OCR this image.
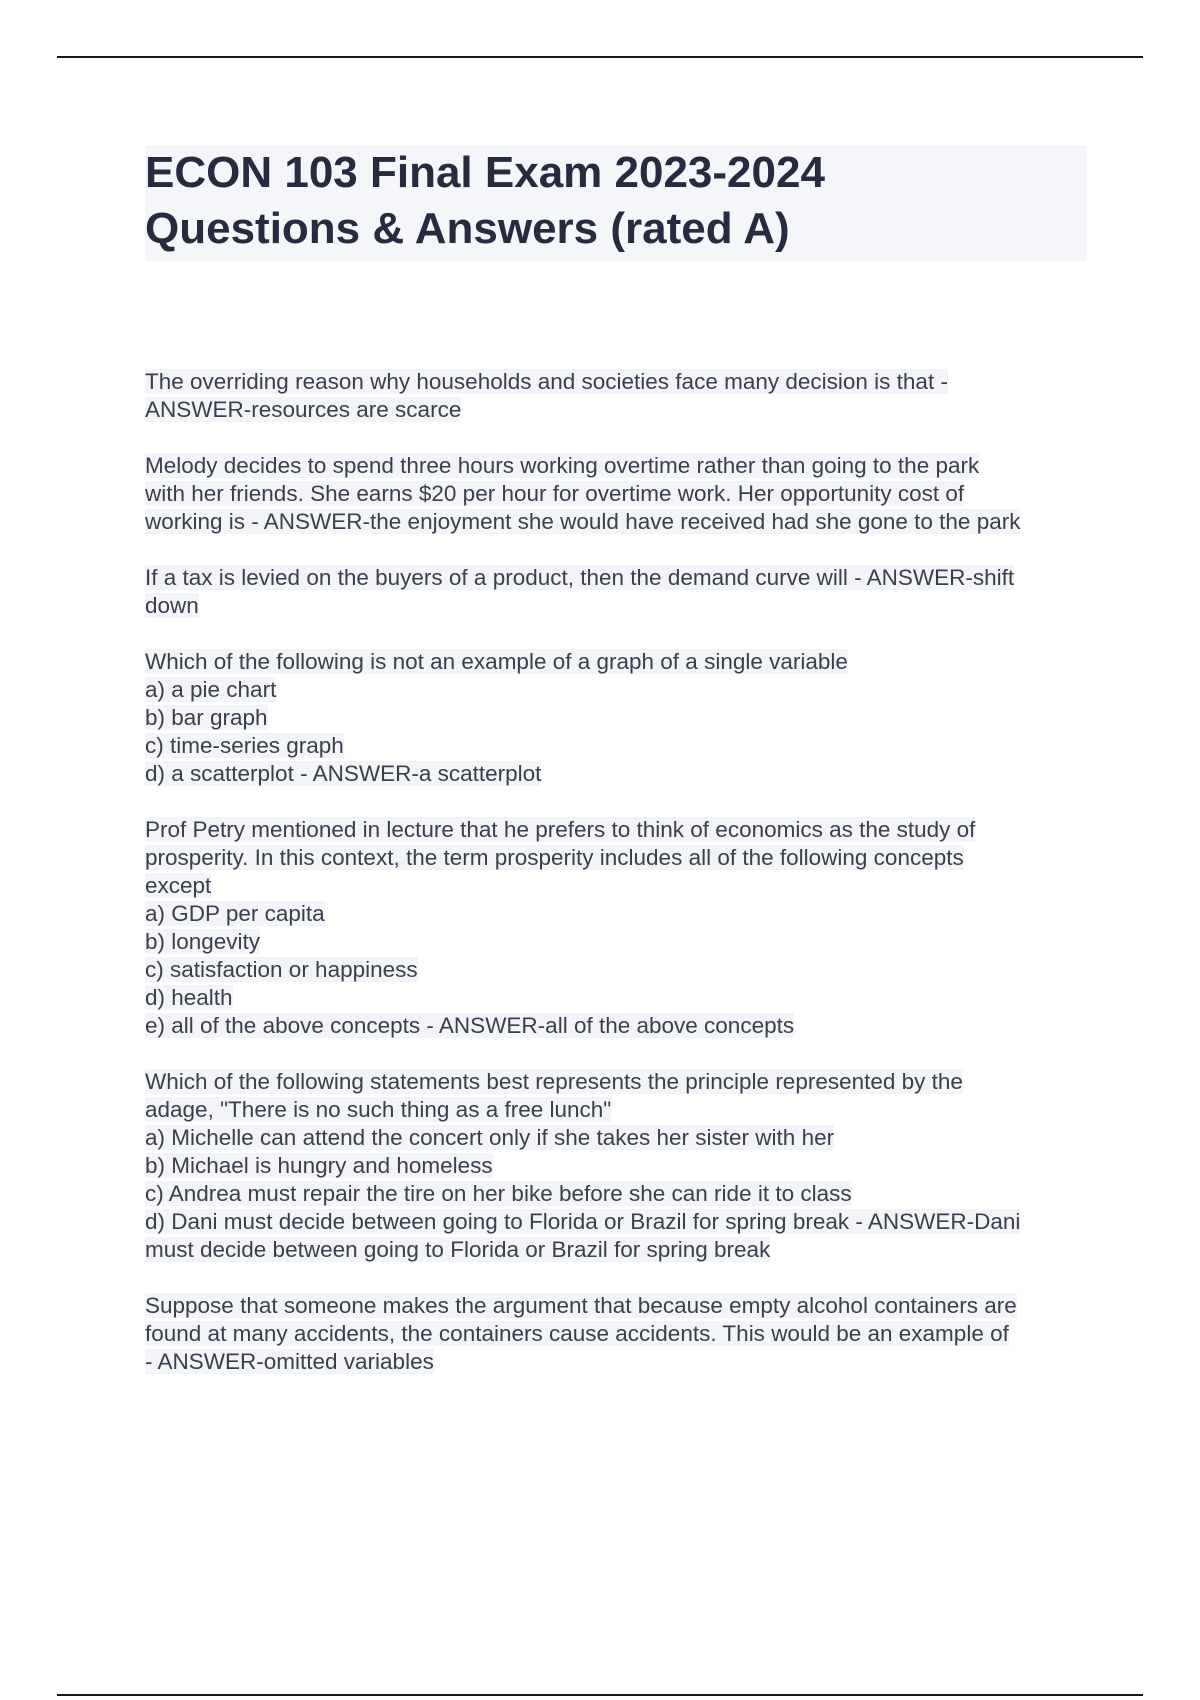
ECON 103 Final Exam 2023-2024
Questions & Answers (rated A)
The overriding reason why households and societies face many decision is that -
ANSWER-resources are scarce
Melody decides to spend three hours working overtime rather than going to the park
with her friends. She earns $20 per hour for overtime work. Her opportunity cost of
working is - ANSWER-the enjoyment she would have received had she gone to the park
If a tax is levied on the buyers of a product, then the demand curve will - ANSWER-shift
down
Which of the following is not an example of a graph of a single variable
a) a pie chart
b) bar graph
c) time-series graph
d) a scatterplot - ANSWER-a scatterplot
Prof Petry mentioned in lecture that he prefers to think of economics as the study of
prosperity. In this context, the term prosperity includes all of the following concepts
except
a) GDP per capita
b) longevity
c) satisfaction or happiness
d) health
e) all of the above concepts - ANSWER-all of the above concepts
Which of the following statements best represents the principle represented by the
adage, "There is no such thing as a free lunch"
a) Michelle can attend the concert only if she takes her sister with her
b) Michael is hungry and homeless
c) Andrea must repair the tire on her bike before she can ride it to class
d) Dani must decide between going to Florida or Brazil for spring break - ANSWER-Dani
must decide between going to Florida or Brazil for spring break
Suppose that someone makes the argument that because empty alcohol containers are
found at many accidents, the containers cause accidents. This would be an example of
- ANSWER-omitted variables
